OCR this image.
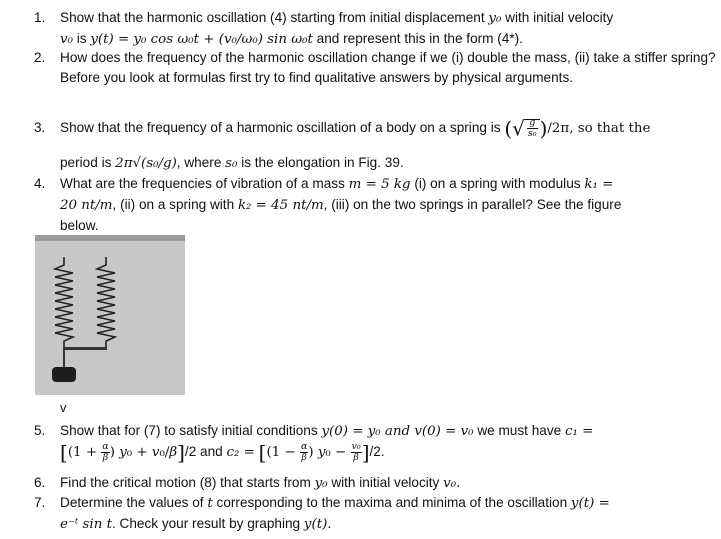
1. Show that the harmonic oscillation (4) starting from initial displacement y₀ with initial velocity
v₀ is y(t) = y₀ cos ω₀t + (v₀/ω₀) sin ω₀t and represent this in the form (4*).
2. How does the frequency of the harmonic oscillation change if we (i) double the mass, (ii) take a stiffer spring? Before you look at formulas first try to find qualitative answers by physical arguments.
3. Show that the frequency of a harmonic oscillation of a body on a spring is (√ $\frac{g}{\text{s₀}} )/2\pi$, so that the
period is 2π√(s₀/g), where s₀ is the elongation in Fig. 39.
4. What are the frequencies of vibration of a mass m = 5 kg (i) on a spring with modulus k₁ =
20 nt/m, (ii) on a spring with k₂ = 45 nt/m, (iii) on the two springs in parallel? See the figure
below.
v
5. Show that for (7) to satisfy initial conditions y(0) = y₀ and v(0) = v₀ we must have c₁ =
[($1 + \frac{\alpha}{\beta}$ ) y₀ + v₀/β]/2 and $c_2 = [(1 - \frac{\alpha}{\beta}$ ) $y_0 - \frac{\text{v₀}}{\beta} ]/2$.
6. Find the critical motion (8) that starts from y₀ with initial velocity v₀.
7. Determine the values of t corresponding to the maxima and minima of the oscillation y(t) =
e⁻ᵗ sin t. Check your result by graphing y(t).
